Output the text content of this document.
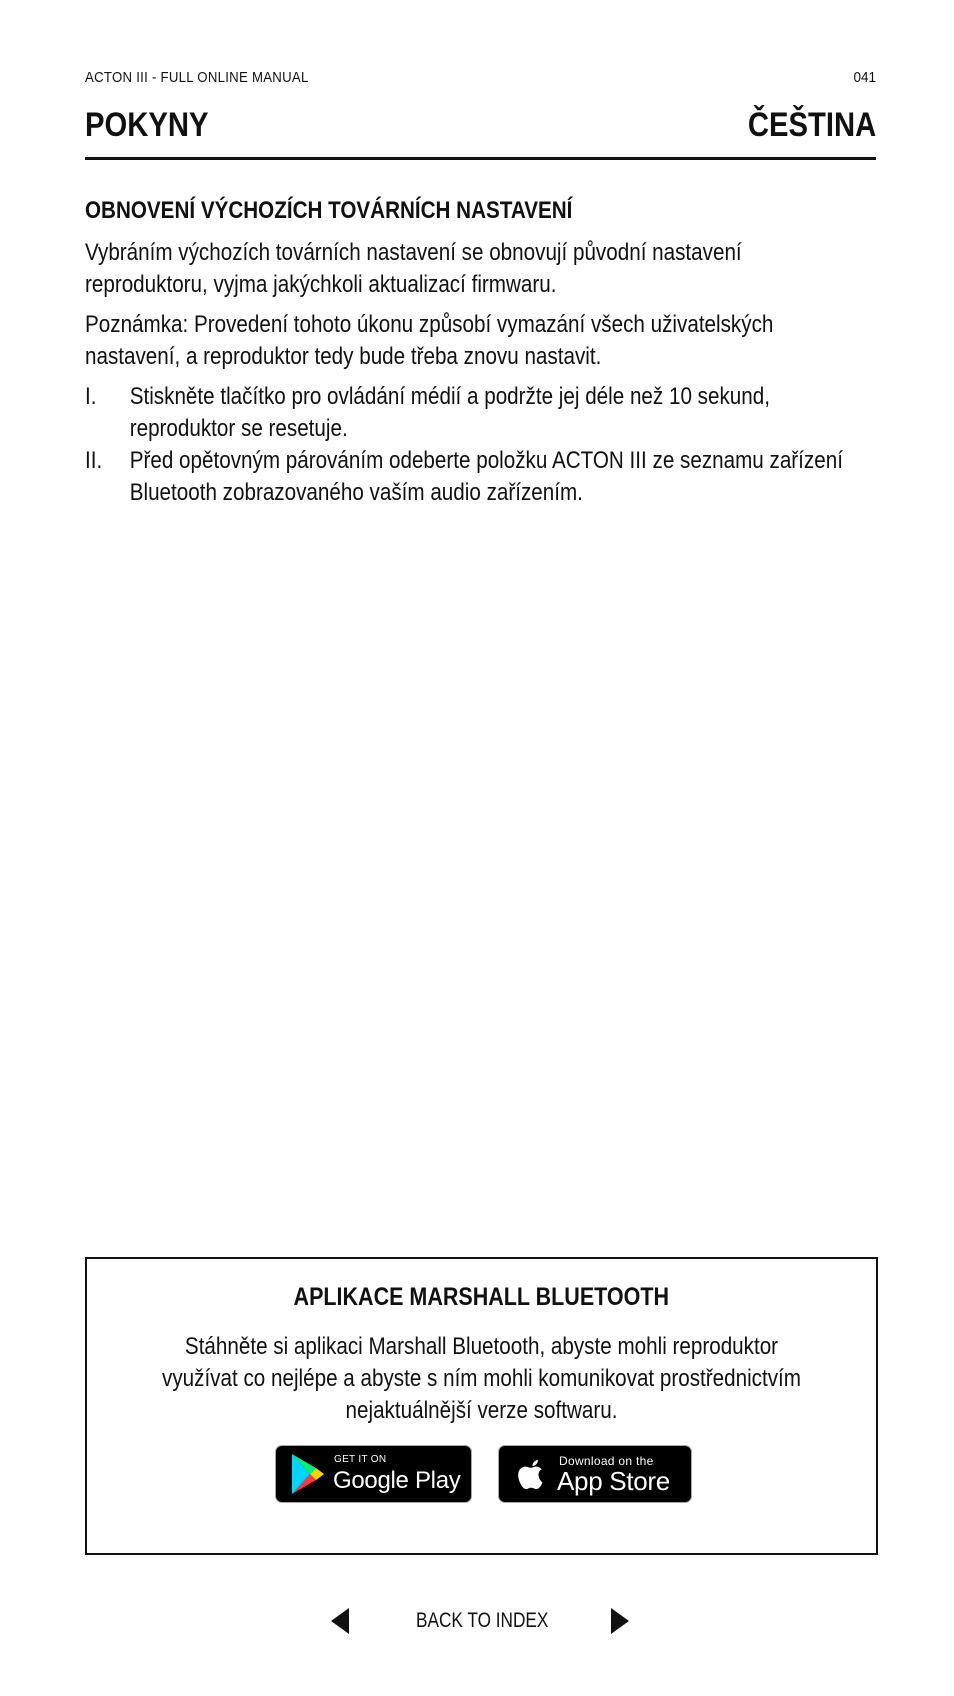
ACTON III - FULL ONLINE MANUAL	041
POKYNY	ČEŠTINA
OBNOVENÍ VÝCHOZÍCH TOVÁRNÍCH NASTAVENÍ

Vybráním výchozích továrních nastavení se obnovují původní nastavení reproduktoru, vyjma jakýchkoli aktualizací firmwaru.

Poznámka: Provedení tohoto úkonu způsobí vymazání všech uživatelských nastavení, a reproduktor tedy bude třeba znovu nastavit.

I. Stiskněte tlačítko pro ovládání médií a podržte jej déle než 10 sekund, reproduktor se resetuje.
II. Před opětovným párováním odeberte položku ACTON III ze seznamu zařízení Bluetooth zobrazovaného vaším audio zařízením.
APLIKACE MARSHALL BLUETOOTH
Stáhněte si aplikaci Marshall Bluetooth, abyste mohli reproduktor
využívat co nejlépe a abyste s ním mohli komunikovat prostřednictvím
nejaktuálnější verze softwaru.
GET IT ON
Google Play
Download on the
App Store
BACK TO INDEX
